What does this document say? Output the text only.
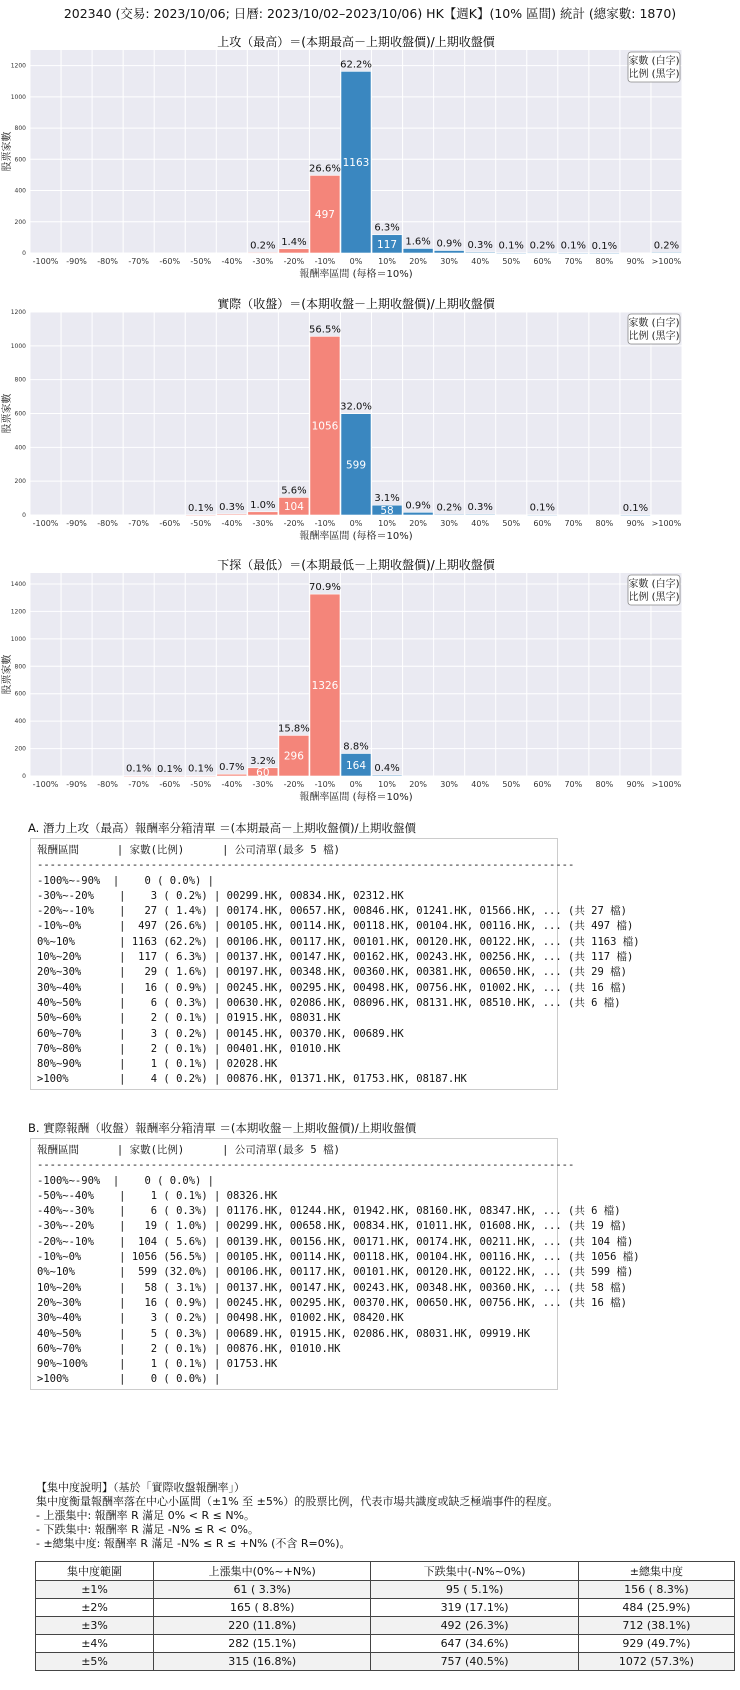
202340 (交易: 2023/10/06; 日曆: 2023/10/02–2023/10/06) HK【週K】(10% 區間) 統計 (總家數: 1870)
上攻（最高）＝(本期最高－上期收盤價)/上期收盤價
0
200
400
600
800
1000
1200
-100% -90% -80% -70% -60% -50% -40%
0.2%
-30%
1.4%
-20%
497
26.6%
-10%
1163
62.2%
0%
117
6.3%
10%
1.6%
20%
0.9%
30%
0.3%
40%
0.1%
50%
0.2%
60%
0.1%
70%
0.1%
80% 90%
0.2%
>100%
報酬率區間 (每格＝10%)
股票家數
家數 (白字)
比例 (黑字)
實際（收盤）＝(本期收盤－上期收盤價)/上期收盤價
0
200
400
600
800
1000
1200
-100% -90% -80% -70% -60%
0.1%
-50%
0.3%
-40%
1.0%
-30%
104
5.6%
-20%
1056
56.5%
-10%
599
32.0%
0%
58
3.1%
10%
0.9%
20%
0.2%
30%
0.3%
40% 50%
0.1%
60% 70% 80%
0.1%
90% >100%
報酬率區間 (每格＝10%)
股票家數
家數 (白字)
比例 (黑字)
下探（最低）＝(本期最低－上期收盤價)/上期收盤價
0
200
400
600
800
1000
1200
1400
-100% -90% -80%
0.1%
-70%
0.1%
-60%
0.1%
-50%
0.7%
-40%
60
3.2%
-30%
296
15.8%
-20%
1326
70.9%
-10%
164
8.8%
0%
0.4%
10% 20% 30% 40% 50% 60% 70% 80% 90% >100%
報酬率區間 (每格＝10%)
股票家數
家數 (白字)
比例 (黑字)
A. 潛力上攻（最高）報酬率分箱清單 ＝(本期最高－上期收盤價)/上期收盤價
報酬區間      | 家數(比例)      | 公司清單(最多 5 檔)
-------------------------------------------------------------------------------------
-100%~-90%  |    0 ( 0.0%) |
-30%~-20%    |    3 ( 0.2%) | 00299.HK, 00834.HK, 02312.HK
-20%~-10%    |   27 ( 1.4%) | 00174.HK, 00657.HK, 00846.HK, 01241.HK, 01566.HK, ... (共 27 檔)
-10%~0%      |  497 (26.6%) | 00105.HK, 00114.HK, 00118.HK, 00104.HK, 00116.HK, ... (共 497 檔)
0%~10%       | 1163 (62.2%) | 00106.HK, 00117.HK, 00101.HK, 00120.HK, 00122.HK, ... (共 1163 檔)
10%~20%      |  117 ( 6.3%) | 00137.HK, 00147.HK, 00162.HK, 00243.HK, 00256.HK, ... (共 117 檔)
20%~30%      |   29 ( 1.6%) | 00197.HK, 00348.HK, 00360.HK, 00381.HK, 00650.HK, ... (共 29 檔)
30%~40%      |   16 ( 0.9%) | 00245.HK, 00295.HK, 00498.HK, 00756.HK, 01002.HK, ... (共 16 檔)
40%~50%      |    6 ( 0.3%) | 00630.HK, 02086.HK, 08096.HK, 08131.HK, 08510.HK, ... (共 6 檔)
50%~60%      |    2 ( 0.1%) | 01915.HK, 08031.HK
60%~70%      |    3 ( 0.2%) | 00145.HK, 00370.HK, 00689.HK
70%~80%      |    2 ( 0.1%) | 00401.HK, 01010.HK
80%~90%      |    1 ( 0.1%) | 02028.HK
>100%        |    4 ( 0.2%) | 00876.HK, 01371.HK, 01753.HK, 08187.HK
B. 實際報酬（收盤）報酬率分箱清單 ＝(本期收盤－上期收盤價)/上期收盤價
報酬區間      | 家數(比例)      | 公司清單(最多 5 檔)
-------------------------------------------------------------------------------------
-100%~-90%  |    0 ( 0.0%) |
-50%~-40%    |    1 ( 0.1%) | 08326.HK
-40%~-30%    |    6 ( 0.3%) | 01176.HK, 01244.HK, 01942.HK, 08160.HK, 08347.HK, ... (共 6 檔)
-30%~-20%    |   19 ( 1.0%) | 00299.HK, 00658.HK, 00834.HK, 01011.HK, 01608.HK, ... (共 19 檔)
-20%~-10%    |  104 ( 5.6%) | 00139.HK, 00156.HK, 00171.HK, 00174.HK, 00211.HK, ... (共 104 檔)
-10%~0%      | 1056 (56.5%) | 00105.HK, 00114.HK, 00118.HK, 00104.HK, 00116.HK, ... (共 1056 檔)
0%~10%       |  599 (32.0%) | 00106.HK, 00117.HK, 00101.HK, 00120.HK, 00122.HK, ... (共 599 檔)
10%~20%      |   58 ( 3.1%) | 00137.HK, 00147.HK, 00243.HK, 00348.HK, 00360.HK, ... (共 58 檔)
20%~30%      |   16 ( 0.9%) | 00245.HK, 00295.HK, 00370.HK, 00650.HK, 00756.HK, ... (共 16 檔)
30%~40%      |    3 ( 0.2%) | 00498.HK, 01002.HK, 08420.HK
40%~50%      |    5 ( 0.3%) | 00689.HK, 01915.HK, 02086.HK, 08031.HK, 09919.HK
60%~70%      |    2 ( 0.1%) | 00876.HK, 01010.HK
90%~100%     |    1 ( 0.1%) | 01753.HK
>100%        |    0 ( 0.0%) |
【集中度說明】（基於「實際收盤報酬率」）
集中度衡量報酬率落在中心小區間（±1% 至 ±5%）的股票比例，代表市場共識度或缺乏極端事件的程度。
- 上漲集中: 報酬率 R 滿足 0% < R ≤ N%。
- 下跌集中: 報酬率 R 滿足 -N% ≤ R < 0%。
- ±總集中度: 報酬率 R 滿足 -N% ≤ R ≤ +N% (不含 R=0%)。
集中度範圍	上漲集中(0%~+N%)	下跌集中(-N%~0%)	±總集中度
±1%	61 ( 3.3%)	95 ( 5.1%)	156 ( 8.3%)
±2%	165 ( 8.8%)	319 (17.1%)	484 (25.9%)
±3%	220 (11.8%)	492 (26.3%)	712 (38.1%)
±4%	282 (15.1%)	647 (34.6%)	929 (49.7%)
±5%	315 (16.8%)	757 (40.5%)	1072 (57.3%)
